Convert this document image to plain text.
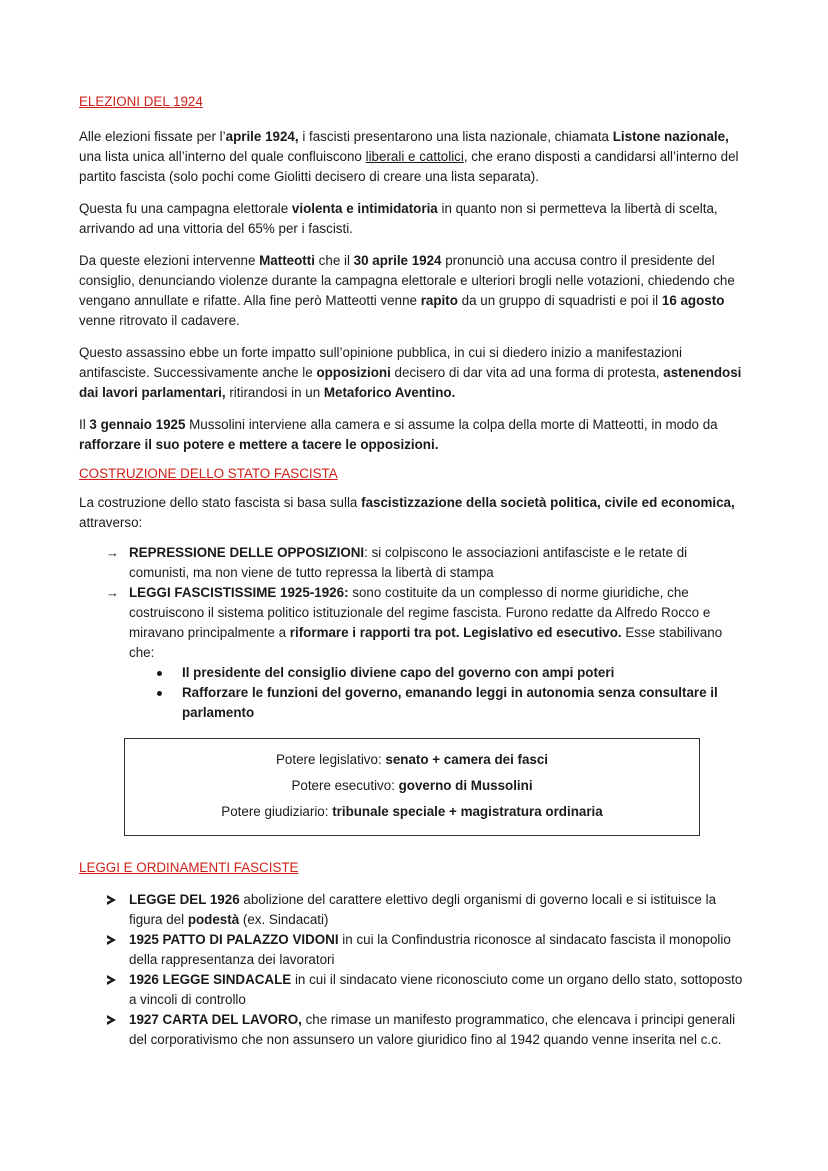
ELEZIONI DEL 1924

Alle elezioni fissate per l’aprile 1924, i fascisti presentarono una lista nazionale, chiamata Listone nazionale, una lista unica all’interno del quale confluiscono liberali e cattolici, che erano disposti a candidarsi all’interno del partito fascista (solo pochi come Giolitti decisero di creare una lista separata).

Questa fu una campagna elettorale violenta e intimidatoria in quanto non si permetteva la libertà di scelta, arrivando ad una vittoria del 65% per i fascisti.

Da queste elezioni intervenne Matteotti che il 30 aprile 1924 pronunciò una accusa contro il presidente del consiglio, denunciando violenze durante la campagna elettorale e ulteriori brogli nelle votazioni, chiedendo che vengano annullate e rifatte. Alla fine però Matteotti venne rapito da un gruppo di squadristi e poi il 16 agosto venne ritrovato il cadavere.

Questo assassino ebbe un forte impatto sull’opinione pubblica, in cui si diedero inizio a manifestazioni antifasciste. Successivamente anche le opposizioni decisero di dar vita ad una forma di protesta, astenendosi dai lavori parlamentari, ritirandosi in un Metaforico Aventino.

Il 3 gennaio 1925 Mussolini interviene alla camera e si assume la colpa della morte di Matteotti, in modo da rafforzare il suo potere e mettere a tacere le opposizioni.

COSTRUZIONE DELLO STATO FASCISTA

La costruzione dello stato fascista si basa sulla fascistizzazione della società politica, civile ed economica, attraverso:

→ REPRESSIONE DELLE OPPOSIZIONI: si colpiscono le associazioni antifasciste e le retate di comunisti, ma non viene de tutto repressa la libertà di stampa
→ LEGGI FASCISTISSIME 1925-1926: sono costituite da un complesso di norme giuridiche, che costruiscono il sistema politico istituzionale del regime fascista. Furono redatte da Alfredo Rocco e miravano principalmente a riformare i rapporti tra pot. Legislativo ed esecutivo. Esse stabilivano che:
Il presidente del consiglio diviene capo del governo con ampi poteri
Rafforzare le funzioni del governo, emanando leggi in autonomia senza consultare il parlamento
Potere legislativo: senato + camera dei fasci
Potere esecutivo: governo di Mussolini
Potere giudiziario: tribunale speciale + magistratura ordinaria
LEGGI E ORDINAMENTI FASCISTE
LEGGE DEL 1926 abolizione del carattere elettivo degli organismi di governo locali e si istituisce la figura del podestà (ex. Sindacati)
1925 PATTO DI PALAZZO VIDONI in cui la Confindustria riconosce al sindacato fascista il monopolio della rappresentanza dei lavoratori
1926 LEGGE SINDACALE in cui il sindacato viene riconosciuto come un organo dello stato, sottoposto a vincoli di controllo
1927 CARTA DEL LAVORO, che rimase un manifesto programmatico, che elencava i principi generali del corporativismo che non assunsero un valore giuridico fino al 1942 quando venne inserita nel c.c.
